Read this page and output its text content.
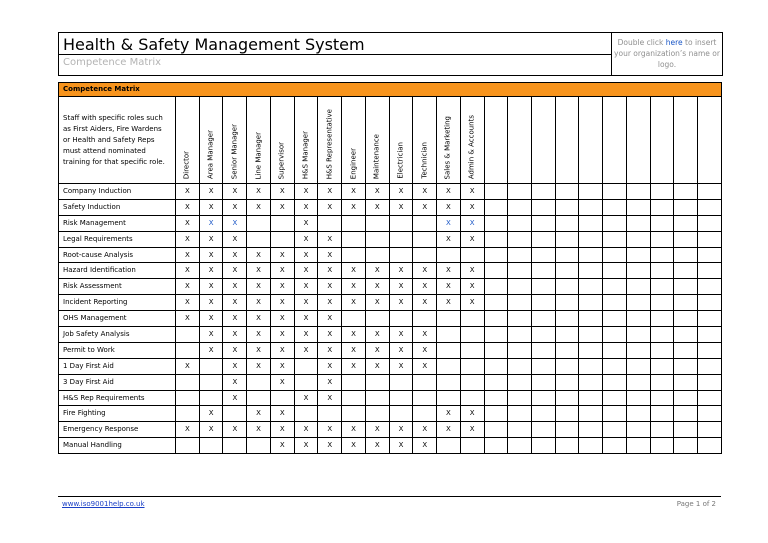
Health & Safety Management System
Competence Matrix
Double click here to insert your organization’s name or logo.
Competence Matrix																							
Staff with specific roles such as First Aiders, Fire Wardens or Health and Safety Reps must attend nominated training for that specific role.	Director	Area Manager	Senior Manager	Line Manager	Supervisor	H&S Manager	H&S Representative	Engineer	Maintenance	Electrician	Technician	Sales & Marketing	Admin & Accounts										

Company Induction	X	X	X	X	X	X	X	X	X	X	X	X	X										
Safety Induction	X	X	X	X	X	X	X	X	X	X	X	X	X										
Risk Management	X	X	X			X						X	X										
Legal Requirements	X	X	X			X	X					X	X										
Root-cause Analysis	X	X	X	X	X	X	X																
Hazard Identification	X	X	X	X	X	X	X	X	X	X	X	X	X										
Risk Assessment	X	X	X	X	X	X	X	X	X	X	X	X	X										
Incident Reporting	X	X	X	X	X	X	X	X	X	X	X	X	X										
OHS Management	X	X	X	X	X	X	X																
Job Safety Analysis		X	X	X	X	X	X	X	X	X	X												
Permit to Work		X	X	X	X	X	X	X	X	X	X												
1 Day First Aid	X		X	X	X		X	X	X	X	X												
3 Day First Aid			X		X		X																
H&S Rep Requirements			X			X	X																
Fire Fighting		X		X	X							X	X										
Emergency Response	X	X	X	X	X	X	X	X	X	X	X	X	X										
Manual Handling					X	X	X	X	X	X	X												
www.iso9001help.co.uk	Page 1 of 2
